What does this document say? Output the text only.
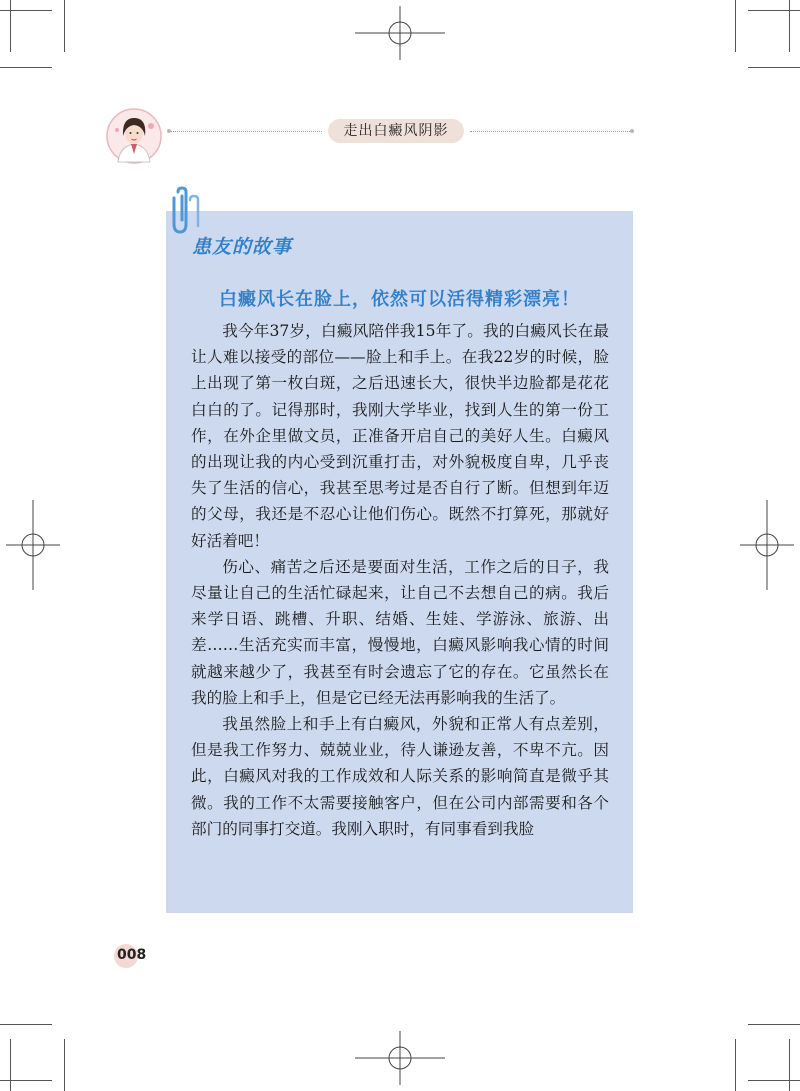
走出白癜风阴影
患友的故事
白癜风长在脸上，依然可以活得精彩漂亮！

我今年37岁，白癜风陪伴我15年了。我的白癜风长在最让人难以接受的部位——脸上和手上。在我22岁的时候，脸上出现了第一枚白斑，之后迅速长大，很快半边脸都是花花白白的了。记得那时，我刚大学毕业，找到人生的第一份工作，在外企里做文员，正准备开启自己的美好人生。白癜风的出现让我的内心受到沉重打击，对外貌极度自卑，几乎丧失了生活的信心，我甚至思考过是否自行了断。但想到年迈的父母，我还是不忍心让他们伤心。既然不打算死，那就好好活着吧！

伤心、痛苦之后还是要面对生活，工作之后的日子，我尽量让自己的生活忙碌起来，让自己不去想自己的病。我后来学日语、跳槽、升职、结婚、生娃、学游泳、旅游、出差……生活充实而丰富，慢慢地，白癜风影响我心情的时间就越来越少了，我甚至有时会遗忘了它的存在。它虽然长在我的脸上和手上，但是它已经无法再影响我的生活了。

我虽然脸上和手上有白癜风，外貌和正常人有点差别，但是我工作努力、兢兢业业，待人谦逊友善，不卑不亢。因此，白癜风对我的工作成效和人际关系的影响简直是微乎其微。我的工作不太需要接触客户，但在公司内部需要和各个部门的同事打交道。我刚入职时，有同事看到我脸

008
